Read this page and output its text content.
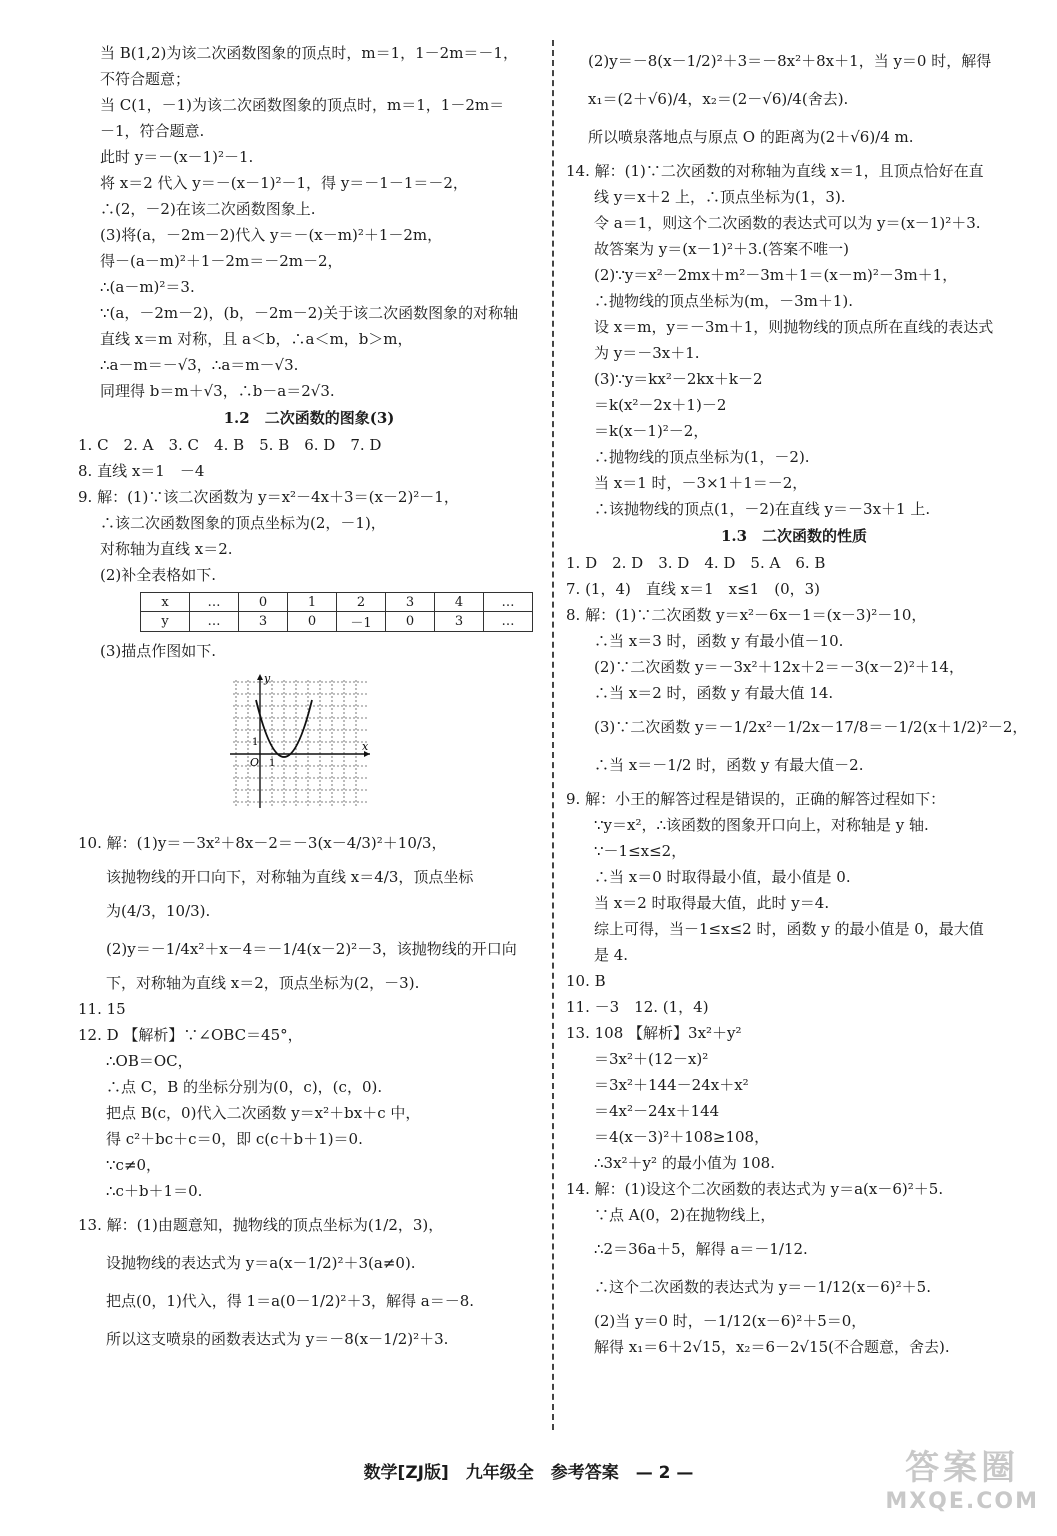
当 B(1,2)为该二次函数图象的顶点时，m＝1，1－2m＝－1，
不符合题意；
当 C(1，－1)为该二次函数图象的顶点时，m＝1，1－2m＝
－1，符合题意.
此时 y＝－(x－1)²－1.
将 x＝2 代入 y＝－(x－1)²－1，得 y＝－1－1＝－2，
∴(2，－2)在该二次函数图象上.
(3)将(a，－2m－2)代入 y＝－(x－m)²＋1－2m，
得－(a－m)²＋1－2m＝－2m－2，
∴(a－m)²＝3.
∵(a，－2m－2)，(b，－2m－2)关于该二次函数图象的对称轴
直线 x＝m 对称，且 a＜b，∴a＜m，b＞m，
∴a－m＝－√3，∴a＝m－√3.
同理得 b＝m＋√3，∴b－a＝2√3.
1.2　二次函数的图象(3)
1. C　2. A　3. C　4. B　5. B　6. D　7. D
8. 直线 x＝1　－4
9. 解：(1)∵该二次函数为 y＝x²－4x＋3＝(x－2)²－1，
∴该二次函数图象的顶点坐标为(2，－1)，
对称轴为直线 x＝2.
(2)补全表格如下.
x	…	0	1	2	3	4	…
y	…	3	0	－1	0	3	…
(3)描点作图如下.
y
x
O 1
1
10. 解：(1)y＝－3x²＋8x－2＝－3(x－4/3)²＋10/3，
该抛物线的开口向下，对称轴为直线 x＝4/3，顶点坐标
为(4/3，10/3).
(2)y＝－1/4x²＋x－4＝－1/4(x－2)²－3，该抛物线的开口向
下，对称轴为直线 x＝2，顶点坐标为(2，－3).
11. 15
12. D 【解析】∵∠OBC＝45°，
∴OB＝OC，
∴点 C，B 的坐标分别为(0，c)，(c，0).
把点 B(c，0)代入二次函数 y＝x²＋bx＋c 中，
得 c²＋bc＋c＝0，即 c(c＋b＋1)＝0.
∵c≠0，
∴c＋b＋1＝0.
13. 解：(1)由题意知，抛物线的顶点坐标为(1/2，3)，
设抛物线的表达式为 y＝a(x－1/2)²＋3(a≠0).
把点(0，1)代入，得 1＝a(0－1/2)²＋3，解得 a＝－8.
所以这支喷泉的函数表达式为 y＝－8(x－1/2)²＋3.
(2)y＝－8(x－1/2)²＋3＝－8x²＋8x＋1，当 y＝0 时，解得
x₁＝(2＋√6)/4，x₂＝(2－√6)/4(舍去).
所以喷泉落地点与原点 O 的距离为(2＋√6)/4 m.
14. 解：(1)∵二次函数的对称轴为直线 x＝1，且顶点恰好在直
线 y＝x＋2 上，∴顶点坐标为(1，3).
令 a＝1，则这个二次函数的表达式可以为 y＝(x－1)²＋3.
故答案为 y＝(x－1)²＋3.(答案不唯一)
(2)∵y＝x²－2mx＋m²－3m＋1＝(x－m)²－3m＋1，
∴抛物线的顶点坐标为(m，－3m＋1).
设 x＝m，y＝－3m＋1，则抛物线的顶点所在直线的表达式
为 y＝－3x＋1.
(3)∵y＝kx²－2kx＋k－2
＝k(x²－2x＋1)－2
＝k(x－1)²－2，
∴抛物线的顶点坐标为(1，－2).
当 x＝1 时，－3×1＋1＝－2，
∴该抛物线的顶点(1，－2)在直线 y＝－3x＋1 上.
1.3　二次函数的性质
1. D　2. D　3. D　4. D　5. A　6. B
7. (1，4)　直线 x＝1　x≤1　(0，3)
8. 解：(1)∵二次函数 y＝x²－6x－1＝(x－3)²－10，
∴当 x＝3 时，函数 y 有最小值－10.
(2)∵二次函数 y＝－3x²＋12x＋2＝－3(x－2)²＋14，
∴当 x＝2 时，函数 y 有最大值 14.
(3)∵二次函数 y＝－1/2x²－1/2x－17/8＝－1/2(x＋1/2)²－2，
∴当 x＝－1/2 时，函数 y 有最大值－2.
9. 解：小王的解答过程是错误的，正确的解答过程如下：
∵y＝x²，∴该函数的图象开口向上，对称轴是 y 轴.
∵－1≤x≤2，
∴当 x＝0 时取得最小值，最小值是 0.
当 x＝2 时取得最大值，此时 y＝4.
综上可得，当－1≤x≤2 时，函数 y 的最小值是 0，最大值
是 4.
10. B
11. －3　12. (1，4)
13. 108 【解析】3x²＋y²
＝3x²＋(12－x)²
＝3x²＋144－24x＋x²
＝4x²－24x＋144
＝4(x－3)²＋108≥108，
∴3x²＋y² 的最小值为 108.
14. 解：(1)设这个二次函数的表达式为 y＝a(x－6)²＋5.
∵点 A(0，2)在抛物线上，
∴2＝36a＋5，解得 a＝－1/12.
∴这个二次函数的表达式为 y＝－1/12(x－6)²＋5.
(2)当 y＝0 时，－1/12(x－6)²＋5＝0，
解得 x₁＝6＋2√15，x₂＝6－2√15(不合题意，舍去).
数学[ZJ版]　九年级全　参考答案　— 2 —	答案圈
MXQE.COM
